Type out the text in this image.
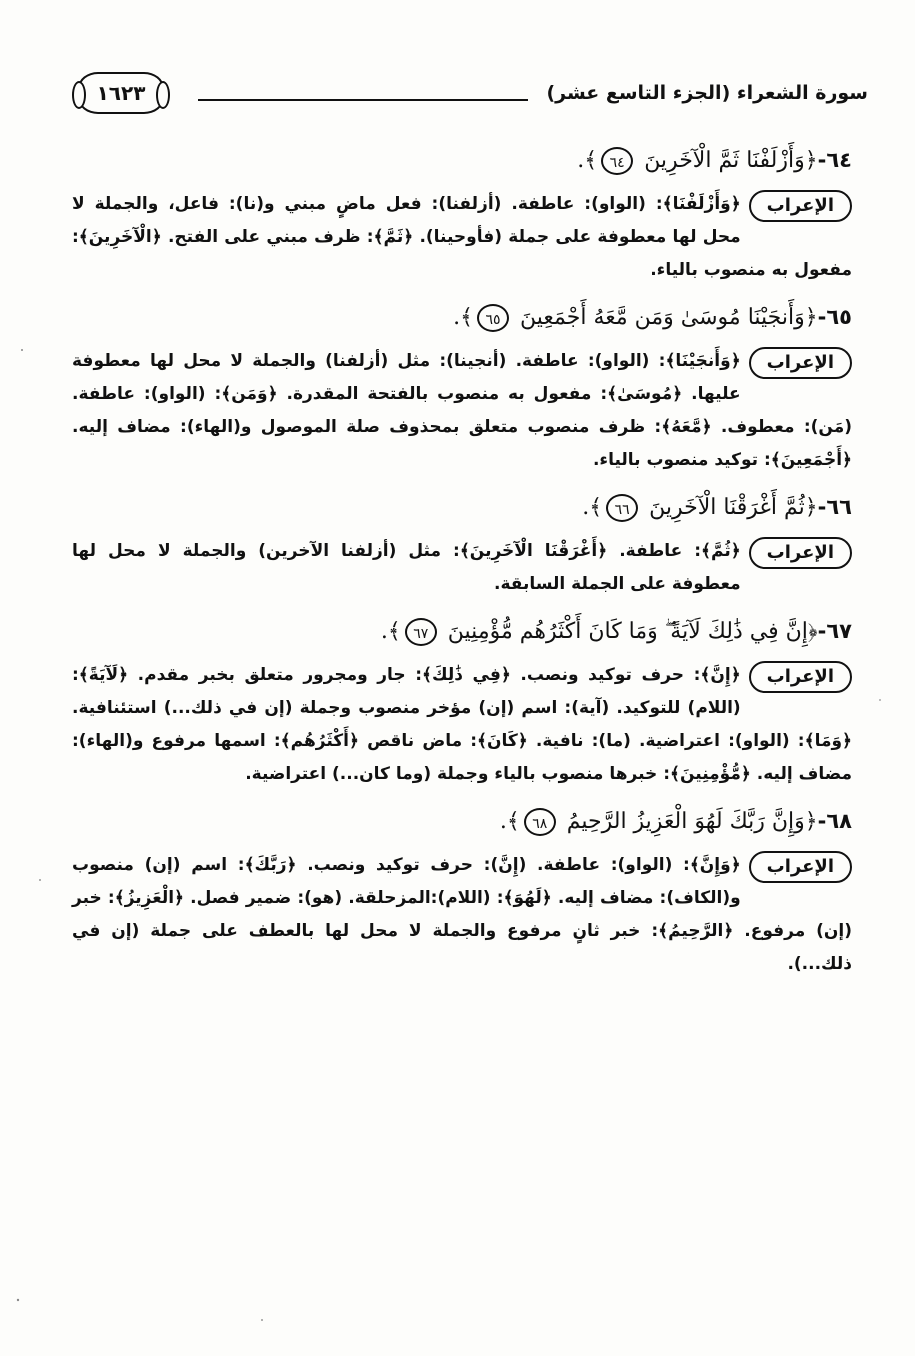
سورة الشعراء (الجزء التاسع عشر)
١٦٢٣
٦٤-﴿وَأَزْلَفْنَا ثَمَّ الْآخَرِينَ ٦٤﴾.
الإعراب
﴿وَأَزْلَفْنَا﴾: (الواو): عاطفة. (أزلفنا): فعل ماضٍ مبني و(نا): فاعل، والجملة لا محل لها معطوفة على جملة (فأوحينا). ﴿ثَمَّ﴾: ظرف مبني على الفتح. ﴿الْآخَرِينَ﴾: مفعول به منصوب بالياء.
٦٥-﴿وَأَنجَيْنَا مُوسَىٰ وَمَن مَّعَهُ أَجْمَعِينَ ٦٥﴾.
الإعراب
﴿وَأَنجَيْنَا﴾: (الواو): عاطفة. (أنجينا): مثل (أزلفنا) والجملة لا محل لها معطوفة عليها. ﴿مُوسَىٰ﴾: مفعول به منصوب بالفتحة المقدرة. ﴿وَمَن﴾: (الواو): عاطفة. (مَن): معطوف. ﴿مَّعَهُ﴾: ظرف منصوب متعلق بمحذوف صلة الموصول و(الهاء): مضاف إليه. ﴿أَجْمَعِينَ﴾: توكيد منصوب بالياء.
٦٦-﴿ثُمَّ أَغْرَقْنَا الْآخَرِينَ ٦٦﴾.
الإعراب
﴿ثُمَّ﴾: عاطفة. ﴿أَغْرَقْنَا الْآخَرِينَ﴾: مثل (أزلفنا الآخرين) والجملة لا محل لها معطوفة على الجملة السابقة.
٦٧-﴿إِنَّ فِي ذَٰلِكَ لَآيَةً ۖ وَمَا كَانَ أَكْثَرُهُم مُّؤْمِنِينَ ٦٧﴾.
الإعراب
﴿إِنَّ﴾: حرف توكيد ونصب. ﴿فِي ذَٰلِكَ﴾: جار ومجرور متعلق بخبر مقدم. ﴿لَآيَةً﴾: (اللام) للتوكيد. (آية): اسم (إن) مؤخر منصوب وجملة (إن في ذلك...) استئنافية. ﴿وَمَا﴾: (الواو): اعتراضية. (ما): نافية. ﴿كَانَ﴾: ماض ناقص ﴿أَكْثَرُهُم﴾: اسمها مرفوع و(الهاء): مضاف إليه. ﴿مُّؤْمِنِينَ﴾: خبرها منصوب بالياء وجملة (وما كان...) اعتراضية.
٦٨-﴿وَإِنَّ رَبَّكَ لَهُوَ الْعَزِيزُ الرَّحِيمُ ٦٨﴾.
الإعراب
﴿وَإِنَّ﴾: (الواو): عاطفة. (إِنَّ): حرف توكيد ونصب. ﴿رَبَّكَ﴾: اسم (إن) منصوب و(الكاف): مضاف إليه. ﴿لَهُوَ﴾: (اللام):المزحلقة. (هو): ضمير فصل. ﴿الْعَزِيزُ﴾: خبر (إن) مرفوع. ﴿الرَّحِيمُ﴾: خبر ثانٍ مرفوع والجملة لا محل لها بالعطف على جملة (إن في ذلك...).
